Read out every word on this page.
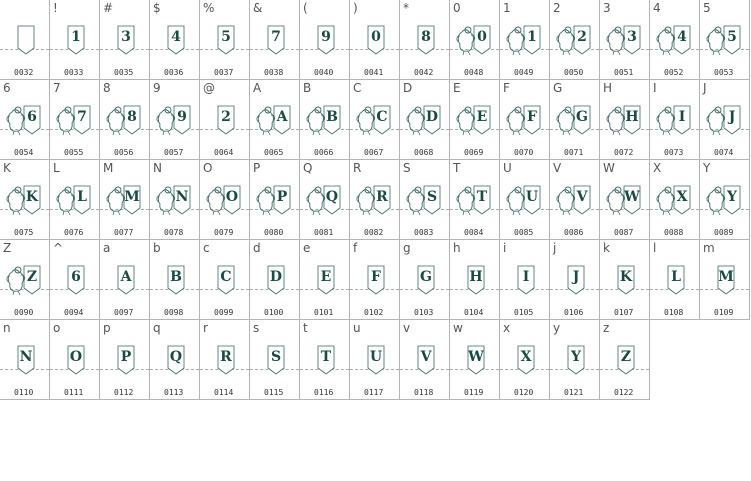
0032
!
1
0033
#
3
0035
$
4
0036
%
5
0037
&
7
0038
(
9
0040
)
0
0041
*
8
0042
0
0
0048
1
1
0049
2
2
0050
3
3
0051
4
4
0052
5
5
0053
6
6
0054
7
7
0055
8
8
0056
9
9
0057
@
2
0064
A
A
0065
B
B
0066
C
C
0067
D
D
0068
E
E
0069
F
F
0070
G
G
0071
H
H
0072
I
I
0073
J
J
0074
K
K
0075
L
L
0076
M
M
0077
N
N
0078
O
O
0079
P
P
0080
Q
Q
0081
R
R
0082
S
S
0083
T
T
0084
U
U
0085
V
V
0086
W
W
0087
X
X
0088
Y
Y
0089
Z
Z
0090
^
6
0094
a
A
0097
b
B
0098
c
C
0099
d
D
0100
e
E
0101
f
F
0102
g
G
0103
h
H
0104
i
I
0105
j
J
0106
k
K
0107
l
L
0108
m
M
0109
n
N
0110
o
O
0111
p
P
0112
q
Q
0113
r
R
0114
s
S
0115
t
T
0116
u
U
0117
v
V
0118
w
W
0119
x
X
0120
y
Y
0121
z
Z
0122
